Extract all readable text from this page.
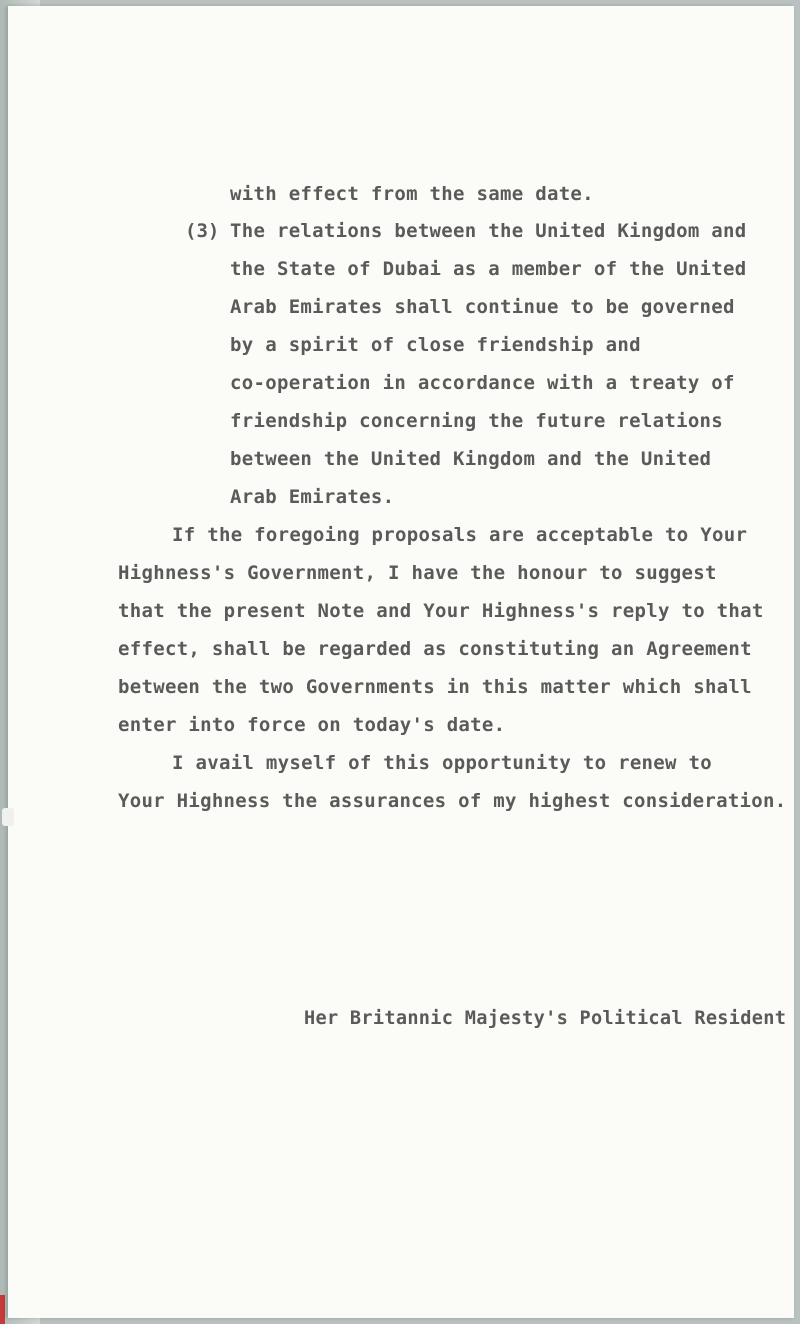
(3)
with effect from the same date.
The relations between the United Kingdom and
the State of Dubai as a member of the United
Arab Emirates shall continue to be governed
by a spirit of close friendship and
co-operation in accordance with a treaty of
friendship concerning the future relations
between the United Kingdom and the United
Arab Emirates.
If the foregoing proposals are acceptable to Your
Highness's Government, I have the honour to suggest
that the present Note and Your Highness's reply to that
effect, shall be regarded as constituting an Agreement
between the two Governments in this matter which shall
enter into force on today's date.
I avail myself of this opportunity to renew to
Your Highness the assurances of my highest consideration.
Her Britannic Majesty's Political Resident
